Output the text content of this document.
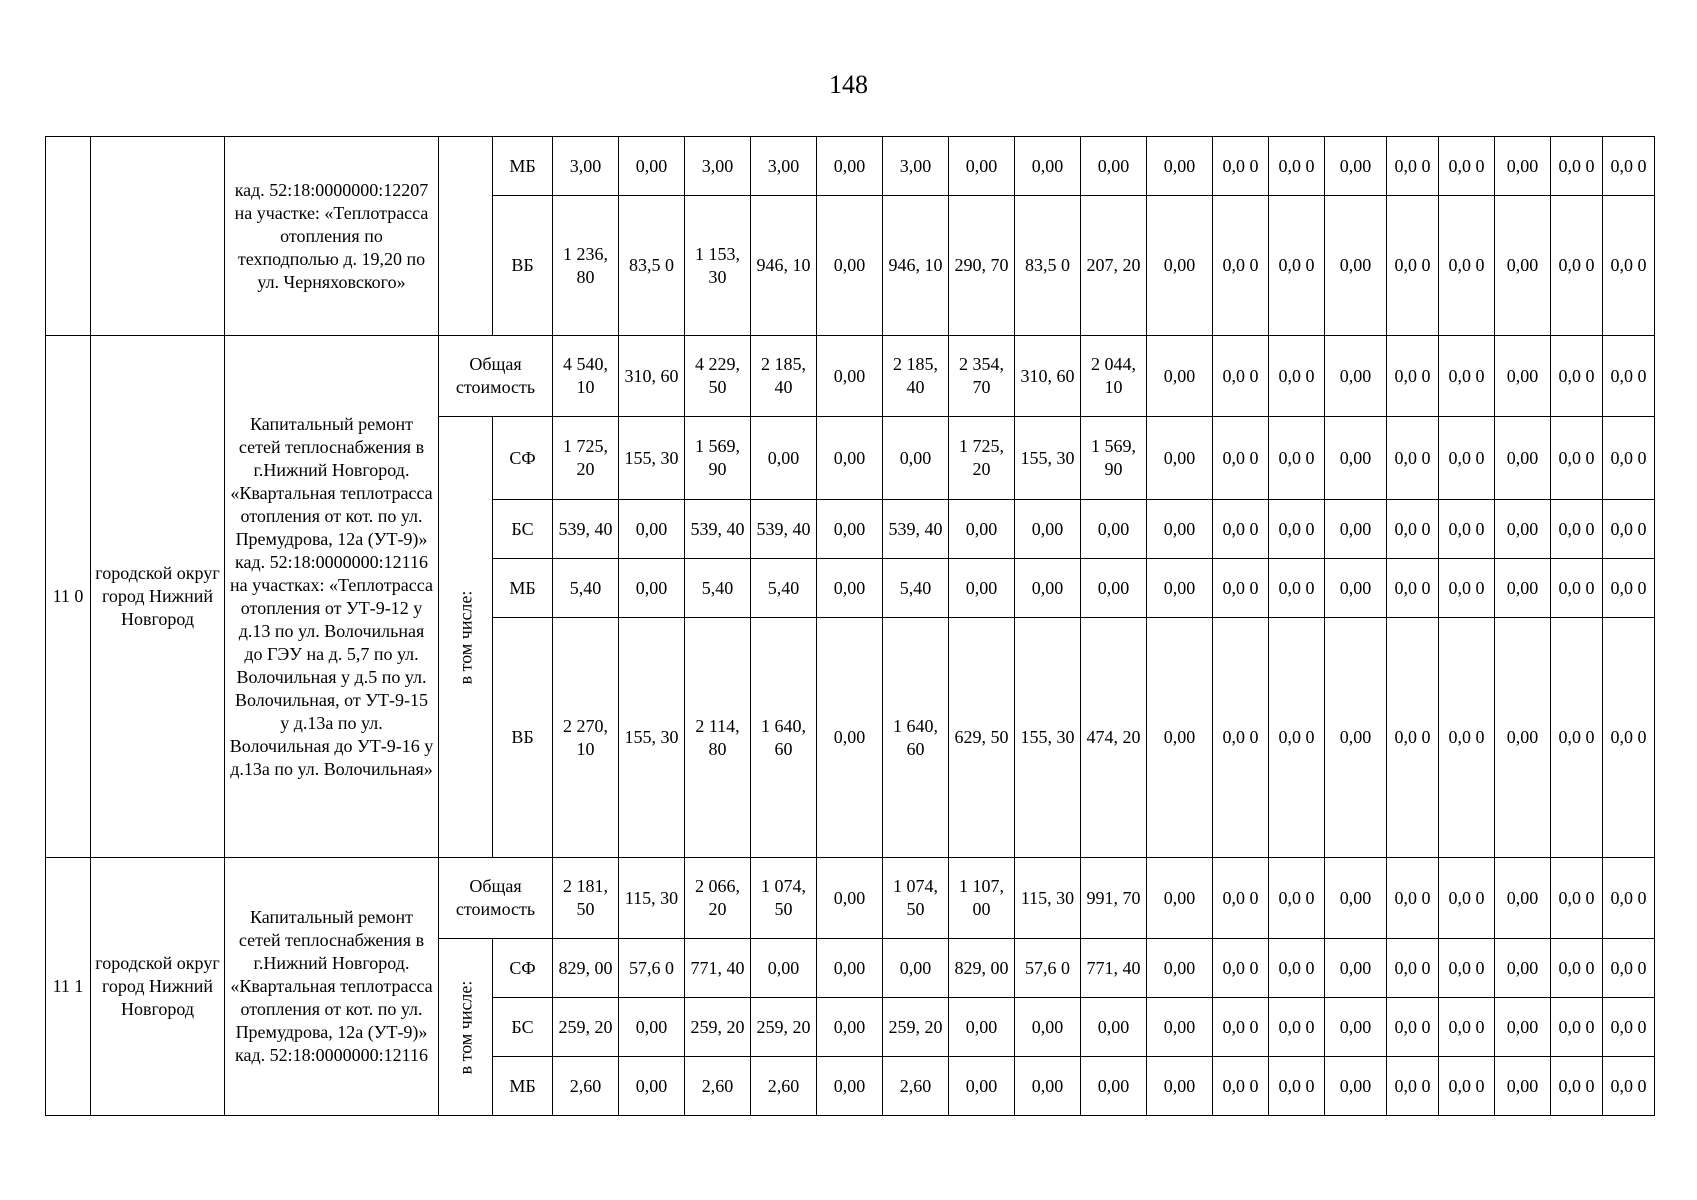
148
		кад. 52:18:0000000:12207 на участке: «Теплотрасса отопления по техподполью д. 19,20 по ул. Черняховского»		МБ	3,00	0,00	3,00	3,00	0,00	3,00	0,00	0,00	0,00	0,00	0,0 0	0,0 0	0,00	0,0 0	0,0 0	0,00	0,0 0	0,0 0
				ВБ	1 236, 80	83,5 0	1 153, 30	946, 10	0,00	946, 10	290, 70	83,5 0	207, 20	0,00	0,0 0	0,0 0	0,00	0,0 0	0,0 0	0,00	0,0 0	0,0 0
11 0	городской округ город Нижний Новгород	Капитальный ремонт сетей теплоснабжения в г.Нижний Новгород. «Квартальная теплотрасса отопления от кот. по ул. Премудрова, 12а (УТ-9)» кад. 52:18:0000000:12116 на участках: «Теплотрасса отопления от УТ-9-12 у д.13 по ул. Волочильная до ГЭУ на д. 5,7 по ул. Волочильная у д.5 по ул. Волочильная, от УТ-9-15 у д.13а по ул. Волочильная до УТ-9-16 у д.13а по ул. Волочильная»	Общая стоимость		4 540, 10	310, 60	4 229, 50	2 185, 40	0,00	2 185, 40	2 354, 70	310, 60	2 044, 10	0,00	0,0 0	0,0 0	0,00	0,0 0	0,0 0	0,00	0,0 0	0,0 0

			в том числе:	СФ	1 725, 20	155, 30	1 569, 90	0,00	0,00	0,00	1 725, 20	155, 30	1 569, 90	0,00	0,0 0	0,0 0	0,00	0,0 0	0,0 0	0,00	0,0 0	0,0 0
				БС	539, 40	0,00	539, 40	539, 40	0,00	539, 40	0,00	0,00	0,00	0,00	0,0 0	0,0 0	0,00	0,0 0	0,0 0	0,00	0,0 0	0,0 0
				МБ	5,40	0,00	5,40	5,40	0,00	5,40	0,00	0,00	0,00	0,00	0,0 0	0,0 0	0,00	0,0 0	0,0 0	0,00	0,0 0	0,0 0
				ВБ	2 270, 10	155, 30	2 114, 80	1 640, 60	0,00	1 640, 60	629, 50	155, 30	474, 20	0,00	0,0 0	0,0 0	0,00	0,0 0	0,0 0	0,00	0,0 0	0,0 0
11 1	городской округ город Нижний Новгород	Капитальный ремонт сетей теплоснабжения в г.Нижний Новгород. «Квартальная теплотрасса отопления от кот. по ул. Премудрова, 12а (УТ-9)» кад. 52:18:0000000:12116	Общая стоимость		2 181, 50	115, 30	2 066, 20	1 074, 50	0,00	1 074, 50	1 107, 00	115, 30	991, 70	0,00	0,0 0	0,0 0	0,00	0,0 0	0,0 0	0,00	0,0 0	0,0 0

			в том числе:	СФ	829, 00	57,6 0	771, 40	0,00	0,00	0,00	829, 00	57,6 0	771, 40	0,00	0,0 0	0,0 0	0,00	0,0 0	0,0 0	0,00	0,0 0	0,0 0
				БС	259, 20	0,00	259, 20	259, 20	0,00	259, 20	0,00	0,00	0,00	0,00	0,0 0	0,0 0	0,00	0,0 0	0,0 0	0,00	0,0 0	0,0 0
				МБ	2,60	0,00	2,60	2,60	0,00	2,60	0,00	0,00	0,00	0,00	0,0 0	0,0 0	0,00	0,0 0	0,0 0	0,00	0,0 0	0,0 0
